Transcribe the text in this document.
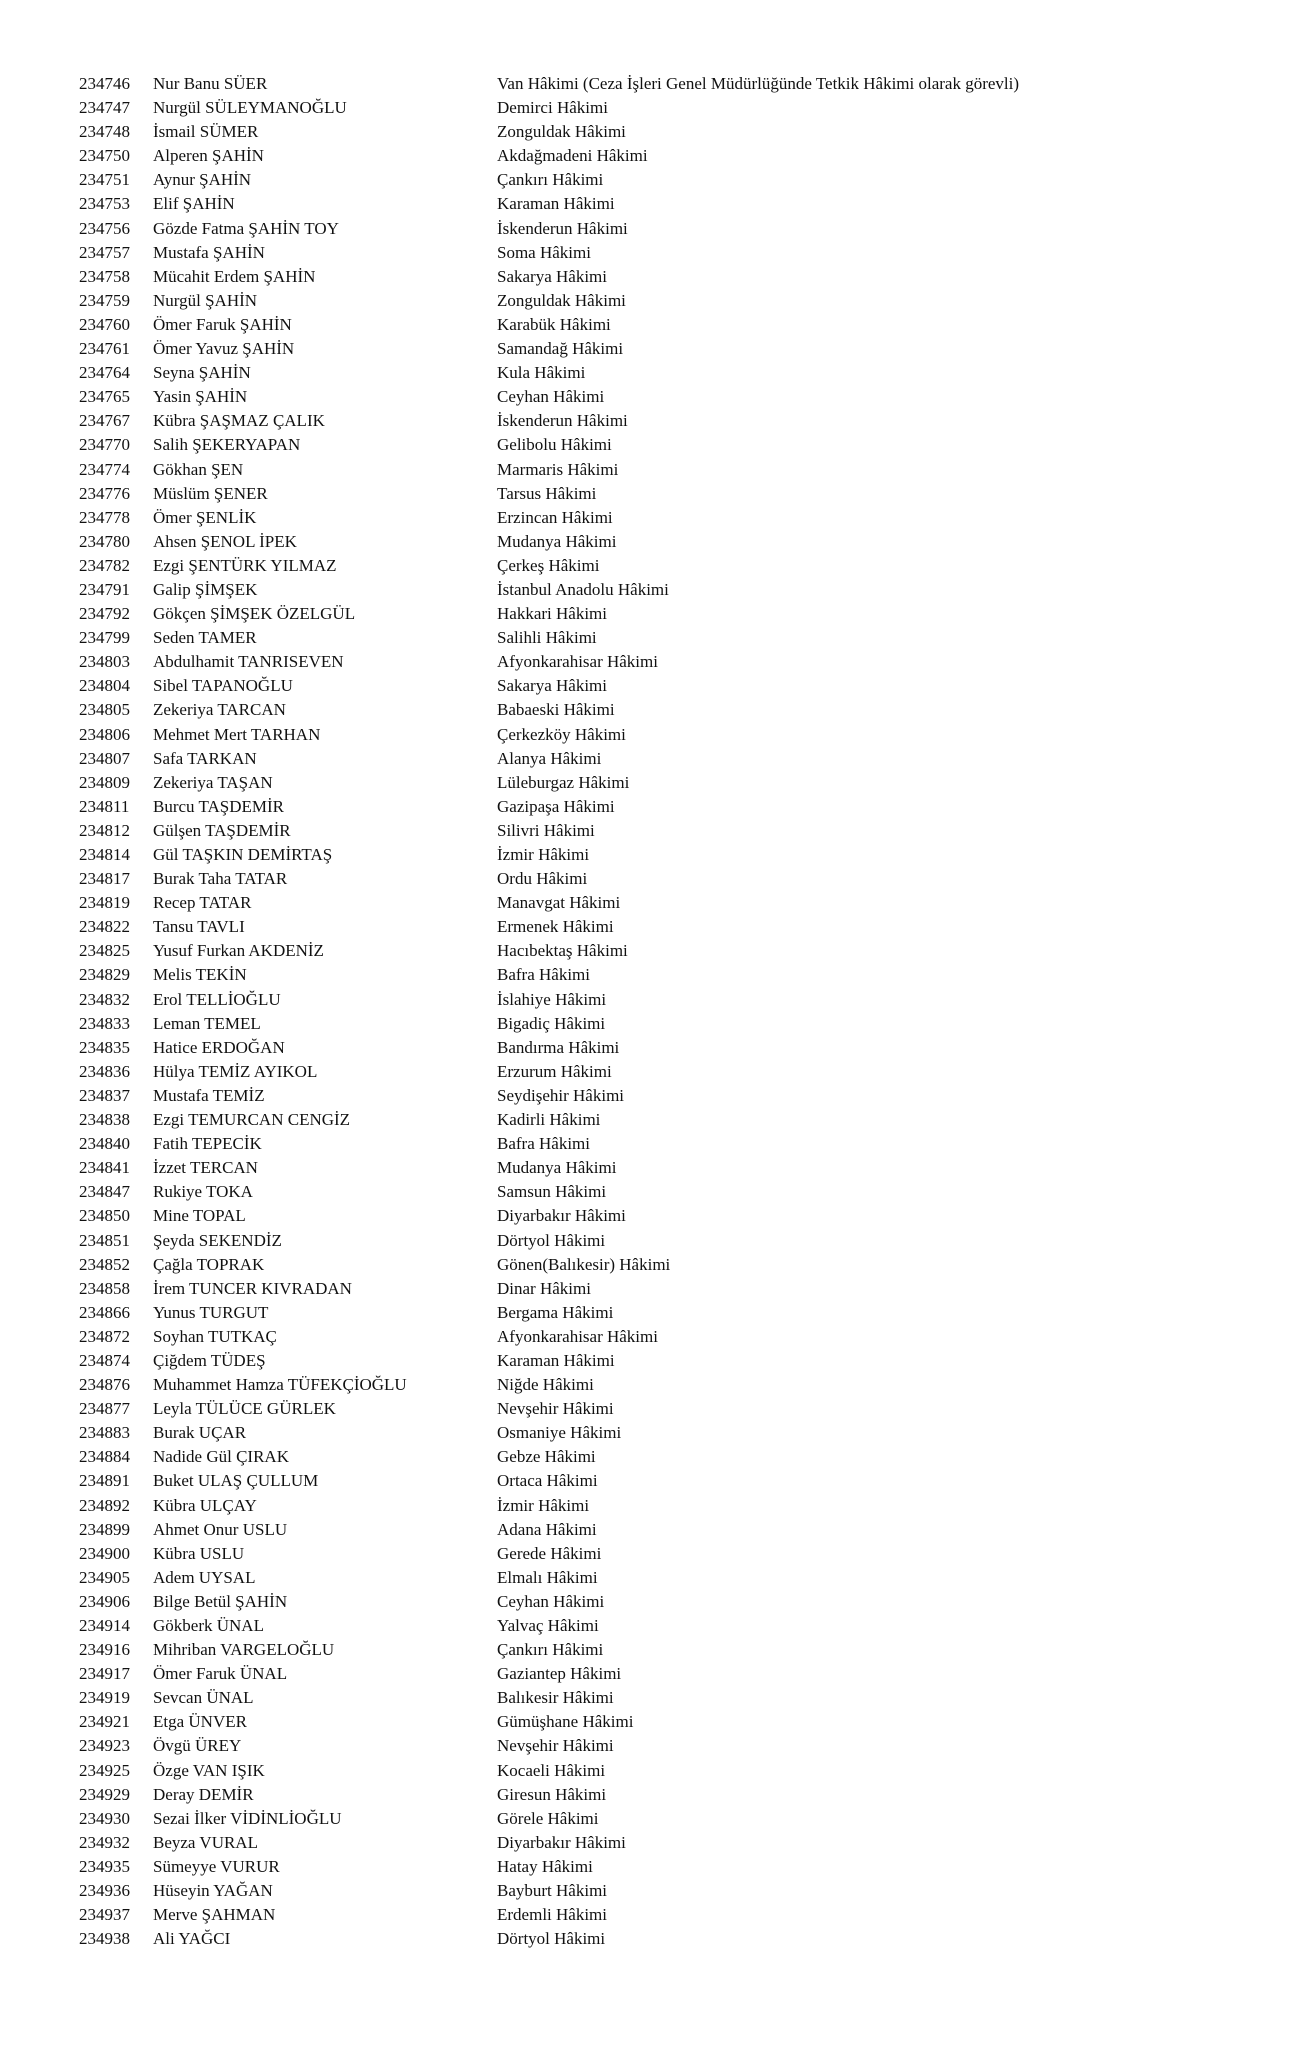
234746 Nur Banu SÜER	Van Hâkimi (Ceza İşleri Genel Müdürlüğünde Tetkik Hâkimi olarak görevli)
234747 Nurgül SÜLEYMANOĞLU	Demirci Hâkimi
234748 İsmail SÜMER	Zonguldak Hâkimi
234750 Alperen ŞAHİN	Akdağmadeni Hâkimi
234751 Aynur ŞAHİN	Çankırı Hâkimi
234753 Elif ŞAHİN	Karaman Hâkimi
234756 Gözde Fatma ŞAHİN TOY	İskenderun Hâkimi
234757 Mustafa ŞAHİN	Soma Hâkimi
234758 Mücahit Erdem ŞAHİN	Sakarya Hâkimi
234759 Nurgül ŞAHİN	Zonguldak Hâkimi
234760 Ömer Faruk ŞAHİN	Karabük Hâkimi
234761 Ömer Yavuz ŞAHİN	Samandağ Hâkimi
234764 Seyna ŞAHİN	Kula Hâkimi
234765 Yasin ŞAHİN	Ceyhan Hâkimi
234767 Kübra ŞAŞMAZ ÇALIK	İskenderun Hâkimi
234770 Salih ŞEKERYAPAN	Gelibolu Hâkimi
234774 Gökhan ŞEN	Marmaris Hâkimi
234776 Müslüm ŞENER	Tarsus Hâkimi
234778 Ömer ŞENLİK	Erzincan Hâkimi
234780 Ahsen ŞENOL İPEK	Mudanya Hâkimi
234782 Ezgi ŞENTÜRK YILMAZ	Çerkeş Hâkimi
234791 Galip ŞİMŞEK	İstanbul Anadolu Hâkimi
234792 Gökçen ŞİMŞEK ÖZELGÜL	Hakkari Hâkimi
234799 Seden TAMER	Salihli Hâkimi
234803 Abdulhamit TANRISEVEN	Afyonkarahisar Hâkimi
234804 Sibel TAPANOĞLU	Sakarya Hâkimi
234805 Zekeriya TARCAN	Babaeski Hâkimi
234806 Mehmet Mert TARHAN	Çerkezköy Hâkimi
234807 Safa TARKAN	Alanya Hâkimi
234809 Zekeriya TAŞAN	Lüleburgaz Hâkimi
234811 Burcu TAŞDEMİR	Gazipaşa Hâkimi
234812 Gülşen TAŞDEMİR	Silivri Hâkimi
234814 Gül TAŞKIN DEMİRTAŞ	İzmir Hâkimi
234817 Burak Taha TATAR	Ordu Hâkimi
234819 Recep TATAR	Manavgat Hâkimi
234822 Tansu TAVLI	Ermenek Hâkimi
234825 Yusuf Furkan AKDENİZ	Hacıbektaş Hâkimi
234829 Melis TEKİN	Bafra Hâkimi
234832 Erol TELLİOĞLU	İslahiye Hâkimi
234833 Leman TEMEL	Bigadiç Hâkimi
234835 Hatice ERDOĞAN	Bandırma Hâkimi
234836 Hülya TEMİZ AYIKOL	Erzurum Hâkimi
234837 Mustafa TEMİZ	Seydişehir Hâkimi
234838 Ezgi TEMURCAN CENGİZ	Kadirli Hâkimi
234840 Fatih TEPECİK	Bafra Hâkimi
234841 İzzet TERCAN	Mudanya Hâkimi
234847 Rukiye TOKA	Samsun Hâkimi
234850 Mine TOPAL	Diyarbakır Hâkimi
234851 Şeyda SEKENDİZ	Dörtyol Hâkimi
234852 Çağla TOPRAK	Gönen(Balıkesir) Hâkimi
234858 İrem TUNCER KIVRADAN	Dinar Hâkimi
234866 Yunus TURGUT	Bergama Hâkimi
234872 Soyhan TUTKAÇ	Afyonkarahisar Hâkimi
234874 Çiğdem TÜDEŞ	Karaman Hâkimi
234876 Muhammet Hamza TÜFEKÇİOĞLU	Niğde Hâkimi
234877 Leyla TÜLÜCE GÜRLEK	Nevşehir Hâkimi
234883 Burak UÇAR	Osmaniye Hâkimi
234884 Nadide Gül ÇIRAK	Gebze Hâkimi
234891 Buket ULAŞ ÇULLUM	Ortaca Hâkimi
234892 Kübra ULÇAY	İzmir Hâkimi
234899 Ahmet Onur USLU	Adana Hâkimi
234900 Kübra USLU	Gerede Hâkimi
234905 Adem UYSAL	Elmalı Hâkimi
234906 Bilge Betül ŞAHİN	Ceyhan Hâkimi
234914 Gökberk ÜNAL	Yalvaç Hâkimi
234916 Mihriban VARGELOĞLU	Çankırı Hâkimi
234917 Ömer Faruk ÜNAL	Gaziantep Hâkimi
234919 Sevcan ÜNAL	Balıkesir Hâkimi
234921 Etga ÜNVER	Gümüşhane Hâkimi
234923 Övgü ÜREY	Nevşehir Hâkimi
234925 Özge VAN IŞIK	Kocaeli Hâkimi
234929 Deray DEMİR	Giresun Hâkimi
234930 Sezai İlker VİDİNLİOĞLU	Görele Hâkimi
234932 Beyza VURAL	Diyarbakır Hâkimi
234935 Sümeyye VURUR	Hatay Hâkimi
234936 Hüseyin YAĞAN	Bayburt Hâkimi
234937 Merve ŞAHMAN	Erdemli Hâkimi
234938 Ali YAĞCI	Dörtyol Hâkimi
